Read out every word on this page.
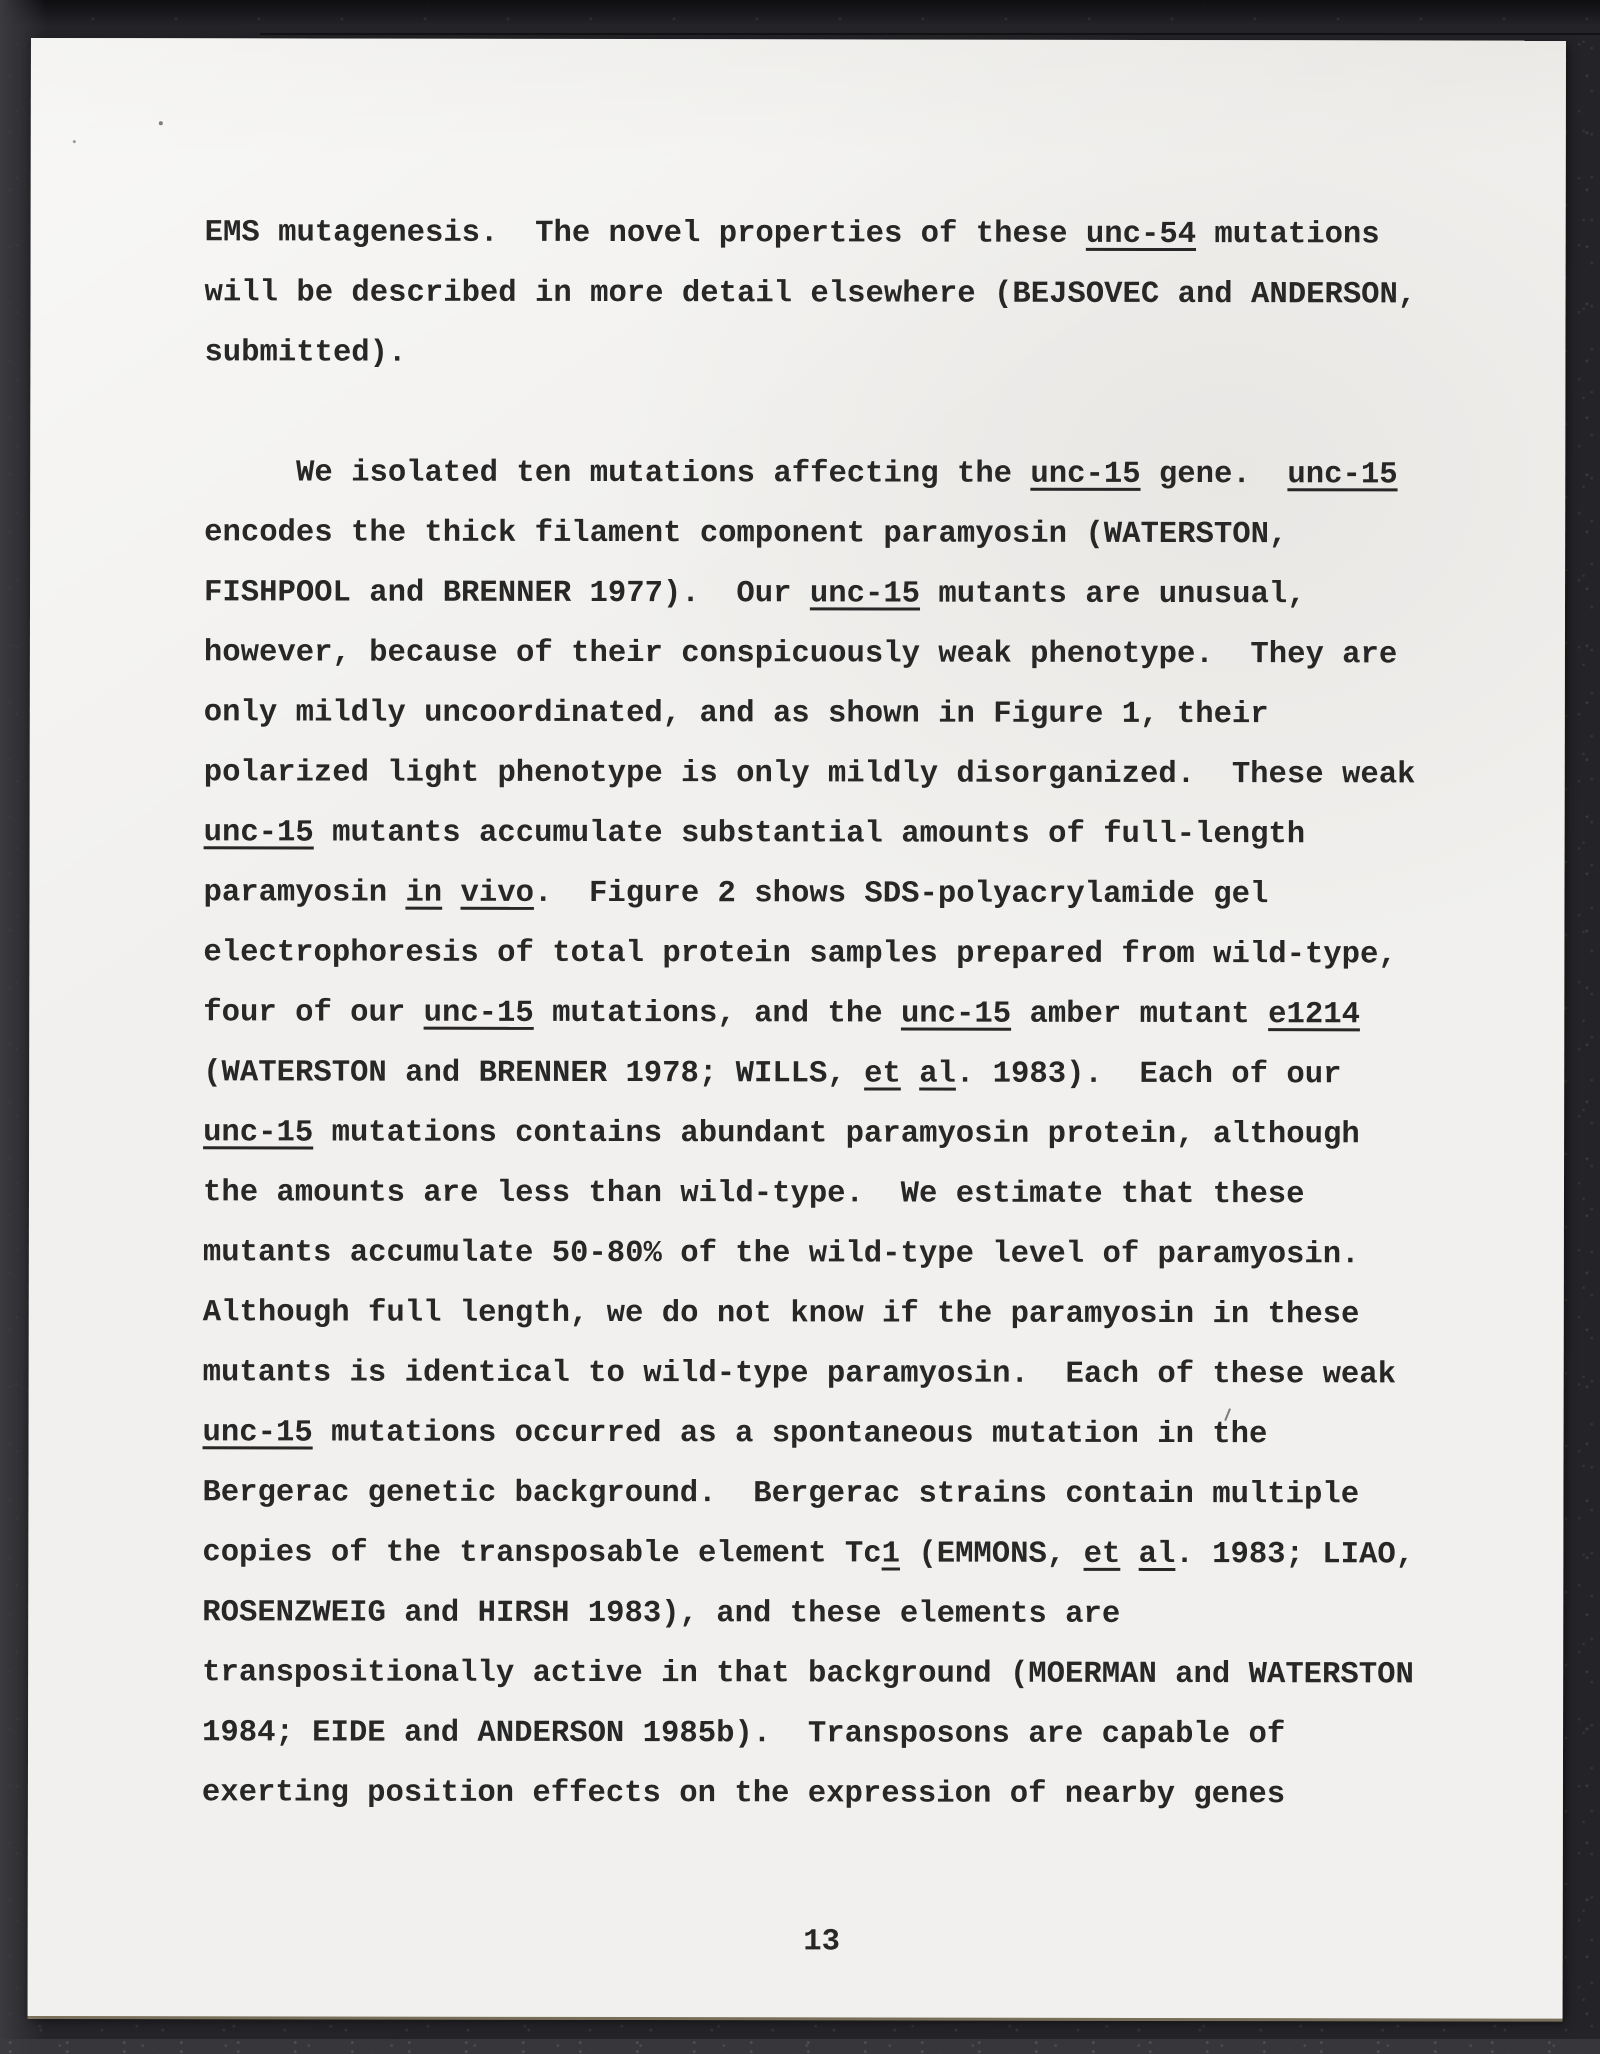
EMS mutagenesis.  The novel properties of these unc-54 mutations
will be described in more detail elsewhere (BEJSOVEC and ANDERSON,
submitted).
We isolated ten mutations affecting the unc-15 gene.  unc-15
encodes the thick filament component paramyosin (WATERSTON,
FISHPOOL and BRENNER 1977).  Our unc-15 mutants are unusual,
however, because of their conspicuously weak phenotype.  They are
only mildly uncoordinated, and as shown in Figure 1, their
polarized light phenotype is only mildly disorganized.  These weak
unc-15 mutants accumulate substantial amounts of full-length
paramyosin in vivo.  Figure 2 shows SDS-polyacrylamide gel
electrophoresis of total protein samples prepared from wild-type,
four of our unc-15 mutations, and the unc-15 amber mutant e1214
(WATERSTON and BRENNER 1978; WILLS, et al. 1983).  Each of our
unc-15 mutations contains abundant paramyosin protein, although
the amounts are less than wild-type.  We estimate that these
mutants accumulate 50-80% of the wild-type level of paramyosin.
Although full length, we do not know if the paramyosin in these
mutants is identical to wild-type paramyosin.  Each of these weak
unc-15 mutations occurred as a spontaneous mutation in the
Bergerac genetic background.  Bergerac strains contain multiple
copies of the transposable element Tc1 (EMMONS, et al. 1983; LIAO,
ROSENZWEIG and HIRSH 1983), and these elements are
transpositionally active in that background (MOERMAN and WATERSTON
1984; EIDE and ANDERSON 1985b).  Transposons are capable of
exerting position effects on the expression of nearby genes
13
